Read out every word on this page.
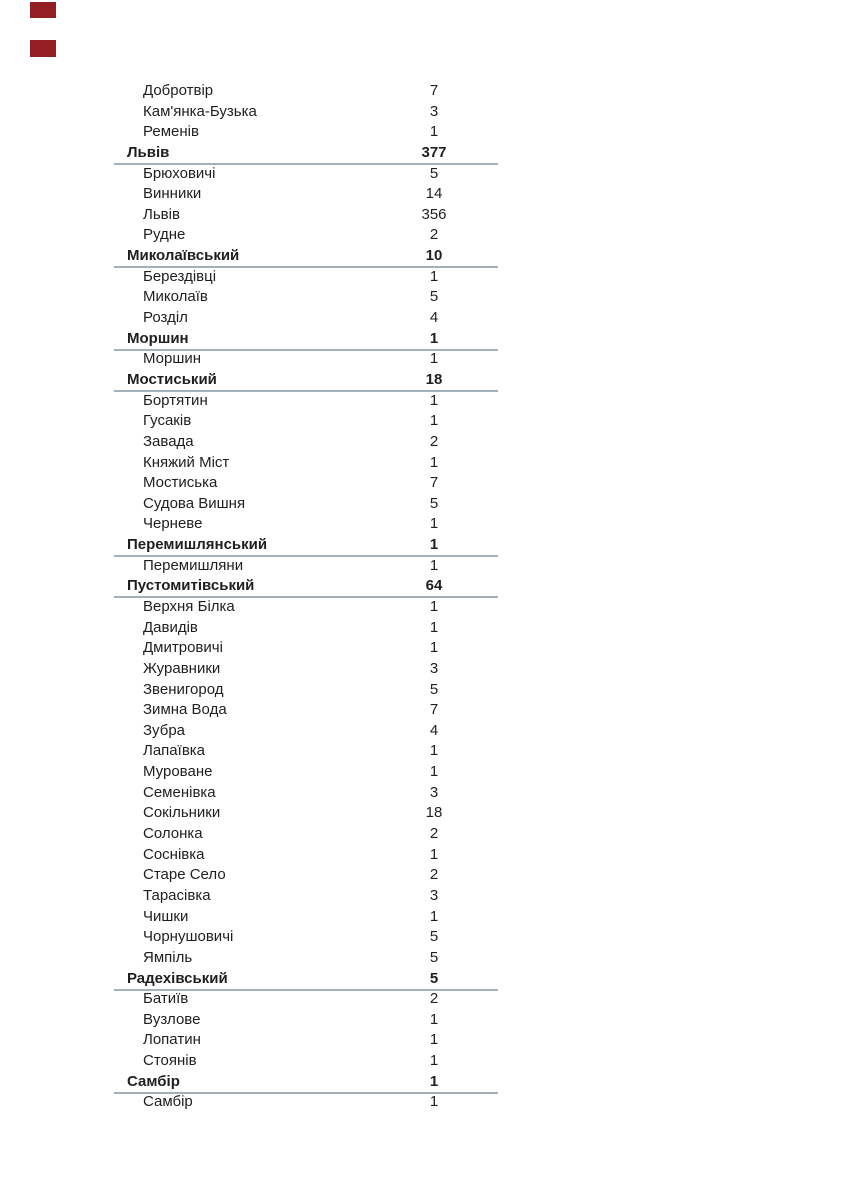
Добротвір	7
Кам'янка-Бузька	3
Ременів	1
Львів	377
Брюховичі	5
Винники	14
Львів	356
Рудне	2
Миколаївський	10
Берездівці	1
Миколаїв	5
Розділ	4
Моршин	1
Моршин	1
Мостиський	18
Бортятин	1
Гусаків	1
Завада	2
Княжий Міст	1
Мостиська	7
Судова Вишня	5
Черневе	1
Перемишлянський	1
Перемишляни	1
Пустомитівський	64
Верхня Білка	1
Давидів	1
Дмитровичі	1
Журавники	3
Звенигород	5
Зимна Вода	7
Зубра	4
Лапаївка	1
Муроване	1
Семенівка	3
Сокільники	18
Солонка	2
Соснівка	1
Старе Село	2
Тарасівка	3
Чишки	1
Чорнушовичі	5
Ямпіль	5
Радехівський	5
Батиїв	2
Вузлове	1
Лопатин	1
Стоянів	1
Самбір	1
Самбір	1
